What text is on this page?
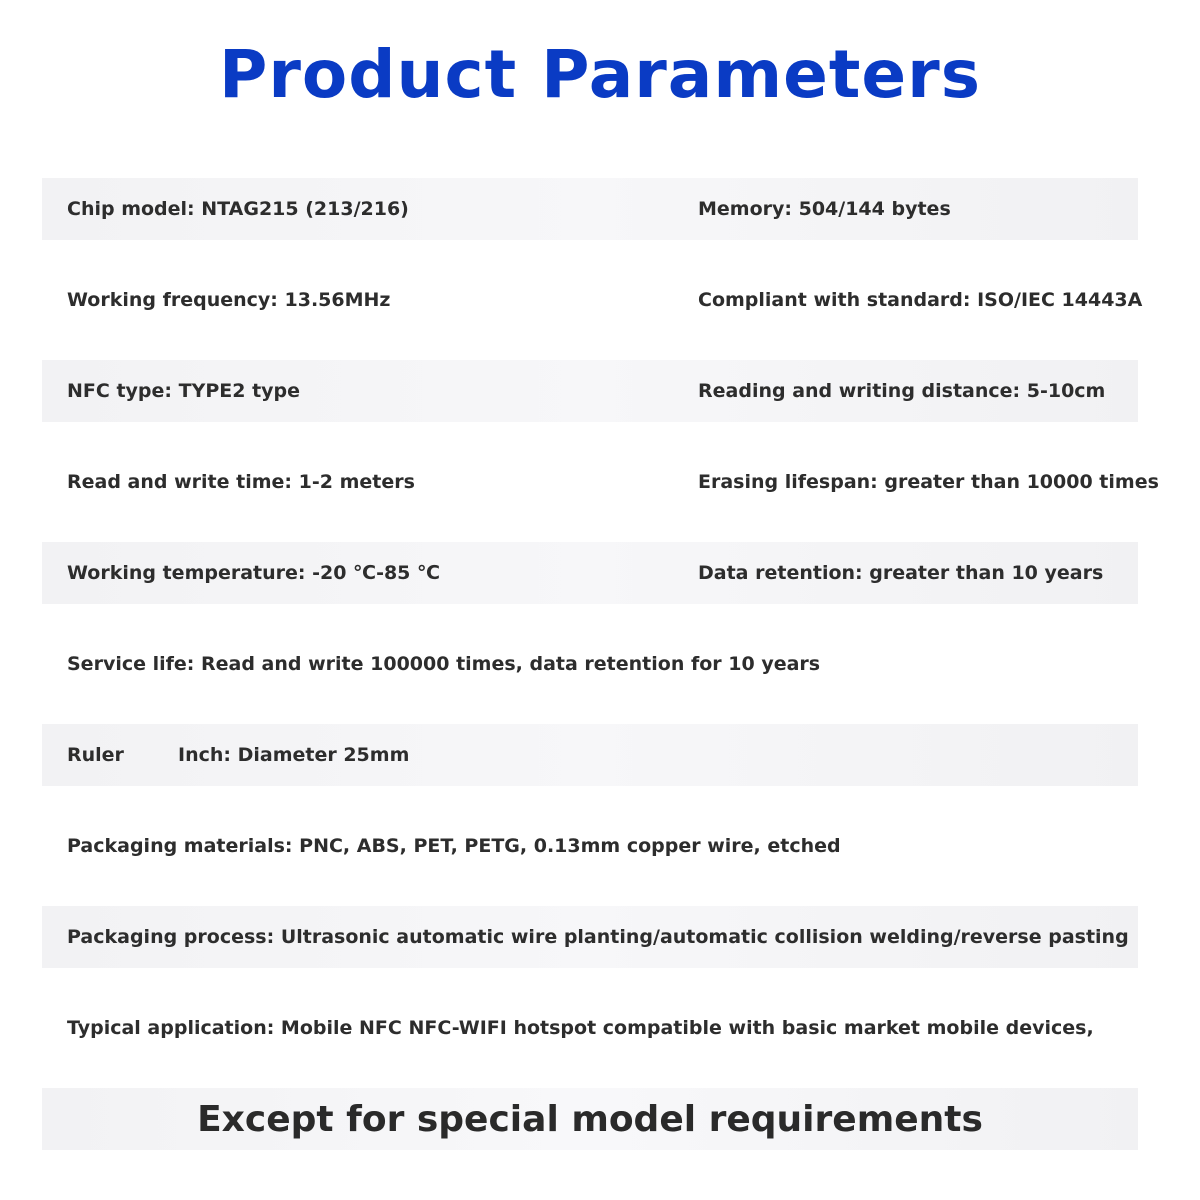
Product Parameters
Chip model: NTAG215 (213/216)	Memory: 504/144 bytes
Working frequency: 13.56MHz	Compliant with standard: ISO/IEC 14443A
NFC type: TYPE2 type	Reading and writing distance: 5-10cm
Read and write time: 1-2 meters	Erasing lifespan: greater than 10000 times
Working temperature: -20 ℃-85 ℃	Data retention: greater than 10 years
Service life: Read and write 100000 times, data retention for 10 years
Ruler	Inch: Diameter 25mm
Packaging materials: PNC, ABS, PET, PETG, 0.13mm copper wire, etched
Packaging process: Ultrasonic automatic wire planting/automatic collision welding/reverse pasting
Typical application: Mobile NFC NFC-WIFI hotspot compatible with basic market mobile devices,
Except for special model requirements
